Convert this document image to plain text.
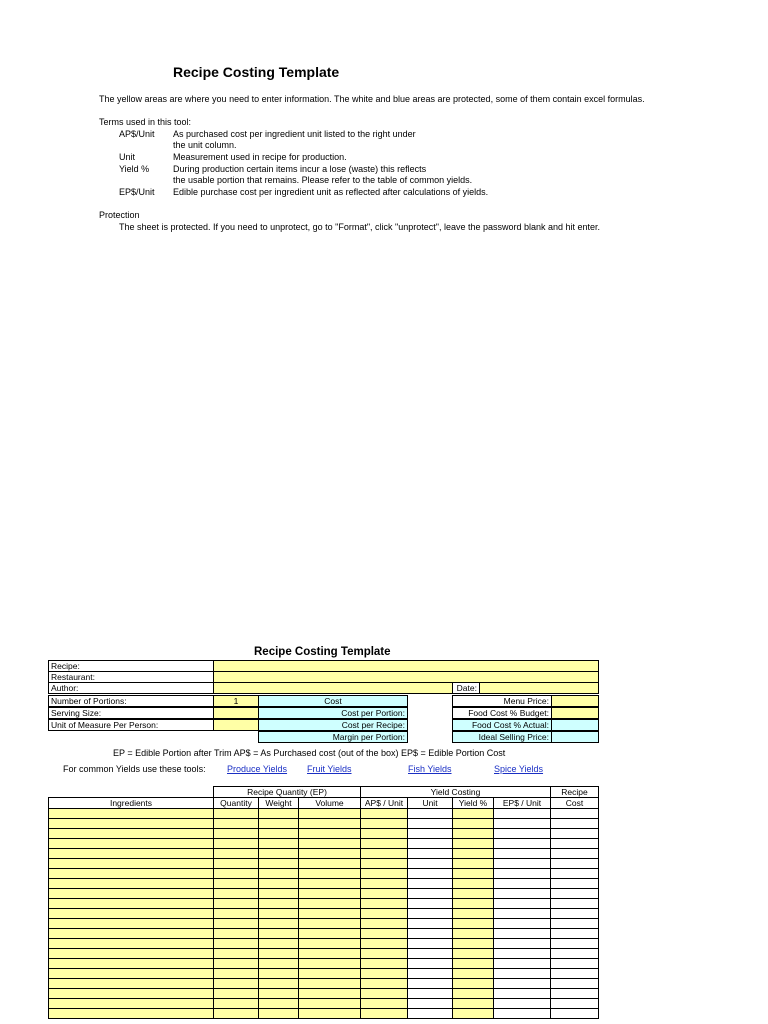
Recipe Costing Template
The yellow areas are where you need to enter information. The white and blue areas are protected, some of them contain excel formulas.
Terms used in this tool:
AP$/Unit As purchased cost per ingredient unit listed to the right under
the unit column.
Unit	Measurement used in recipe for production.
Yield %	During production certain items incur a lose (waste) this reflects
the usable portion that remains. Please refer to the table of common yields.
EP$/Unit Edible purchase cost per ingredient unit as reflected after calculations of yields.
Protection
The sheet is protected. If you need to unprotect, go to "Format", click "unprotect", leave the password blank and hit enter.
Recipe Costing Template
Recipe:
Restaurant:
Author:
Number of Portions:
Serving Size:
Unit of Measure Per Person:
Date:
1	Cost
Cost per Portion:
Cost per Recipe:
Margin per Portion:
Menu Price:
Food Cost % Budget:
Food Cost % Actual:
Ideal Selling Price:
EP = Edible Portion after Trim AP$ = As Purchased cost (out of the box) EP$ = Edible Portion Cost
For common Yields use these tools: Produce Yields Fruit Yields	Fish Yields	Spice Yields
Recipe Quantity (EP)	Yield Costing	Recipe
Ingredients	Quantity	Weight	Volume	AP$ / Unit	Unit	Yield %	EP$ / Unit	Cost
